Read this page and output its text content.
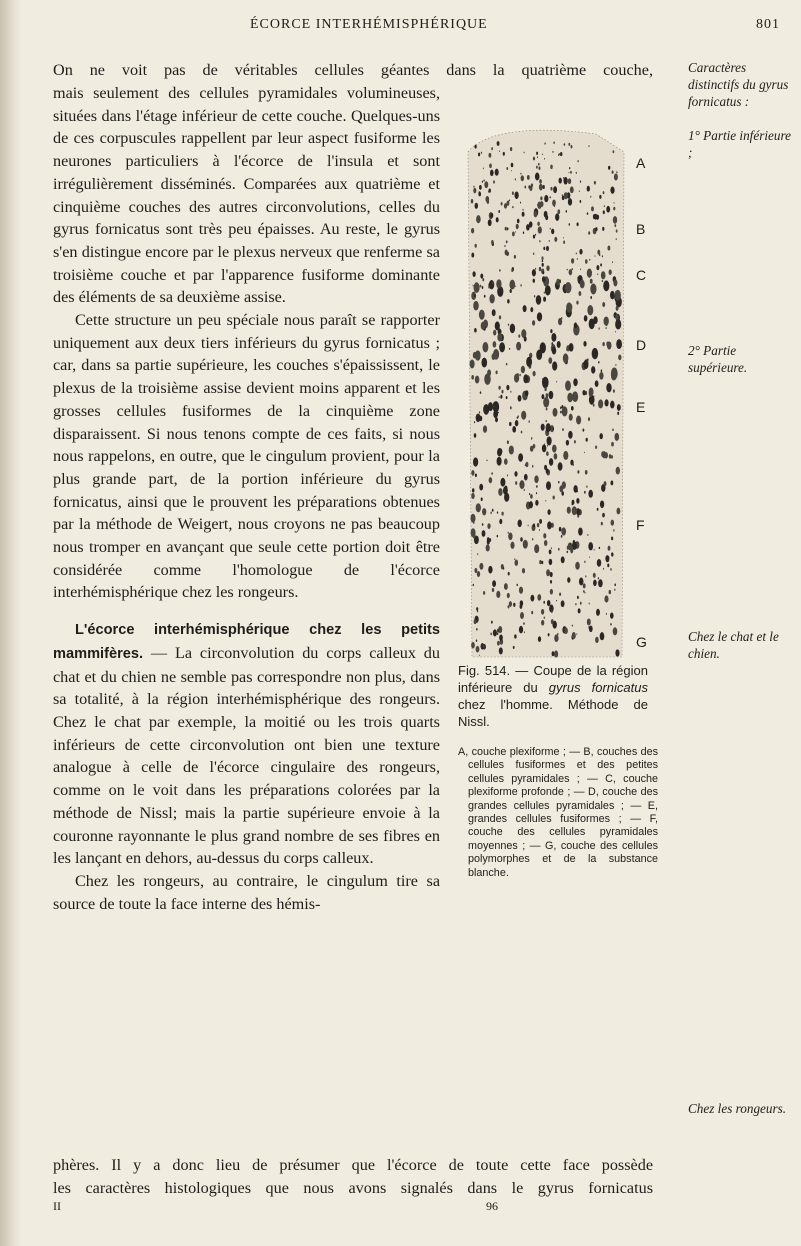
ÉCORCE INTERHÉMISPHÉRIQUE	801
On ne voit pas de véritables cellules géantes dans la quatrième couche,

mais seulement des cellules pyramidales volumineuses, situées dans l'étage inférieur de cette couche. Quelques-uns de ces corpuscules rappellent par leur aspect fusiforme les neurones particuliers à l'écorce de l'insula et sont irrégulièrement disséminés. Comparées aux quatrième et cinquième couches des autres circonvolutions, celles du gyrus fornicatus sont très peu épaisses. Au reste, le gyrus s'en distingue encore par le plexus nerveux que renferme sa troisième couche et par l'apparence fusiforme dominante des éléments de sa deuxième assise.

Cette structure un peu spéciale nous paraît se rapporter uniquement aux deux tiers inférieurs du gyrus fornicatus ; car, dans sa partie supérieure, les couches s'épaississent, le plexus de la troisième assise devient moins apparent et les grosses cellules fusiformes de la cinquième zone disparaissent. Si nous tenons compte de ces faits, si nous nous rappelons, en outre, que le cingulum provient, pour la plus grande part, de la portion inférieure du gyrus fornicatus, ainsi que le prouvent les préparations obtenues par la méthode de Weigert, nous croyons ne pas beaucoup nous tromper en avançant que seule cette portion doit être considérée comme l'homologue de l'écorce interhémisphérique chez les rongeurs.

L'écorce interhémisphérique chez les petits mammifères. — La circonvolution du corps calleux du chat et du chien ne semble pas correspondre non plus, dans sa totalité, à la région interhémisphérique des rongeurs. Chez le chat par exemple, la moitié ou les trois quarts inférieurs de cette circonvolution ont bien une texture analogue à celle de l'écorce cingulaire des rongeurs, comme on le voit dans les préparations colorées par la méthode de Nissl; mais la partie supérieure envoie à la couronne rayonnante le plus grand nombre de ses fibres en les lançant en dehors, au-dessus du corps calleux.

Chez les rongeurs, au contraire, le cingulum tire sa source de toute la face interne des hémis-

phères. Il y a donc lieu de présumer que l'écorce de toute cette face possède
les caractères histologiques que nous avons signalés dans le gyrus fornicatus
A
B
C
D
E
F
G
Fig. 514. — Coupe de la région inférieure du gyrus fornicatus chez l'homme. Méthode de Nissl.
A, couche plexiforme ; — B, couches des cellules fusiformes et des petites cellules pyramidales ; — C, couche plexiforme profonde ; — D, couche des grandes cellules pyramidales ; — E, grandes cellules fusiformes ; — F, couche des cellules pyramidales moyennes ; — G, couche des cellules polymorphes et de la substance blanche.
Caractères distinctifs du gyrus fornicatus :
1° Partie inférieure ;
2° Partie supérieure.
Chez le chat et le chien.
Chez les rongeurs.
II	96
